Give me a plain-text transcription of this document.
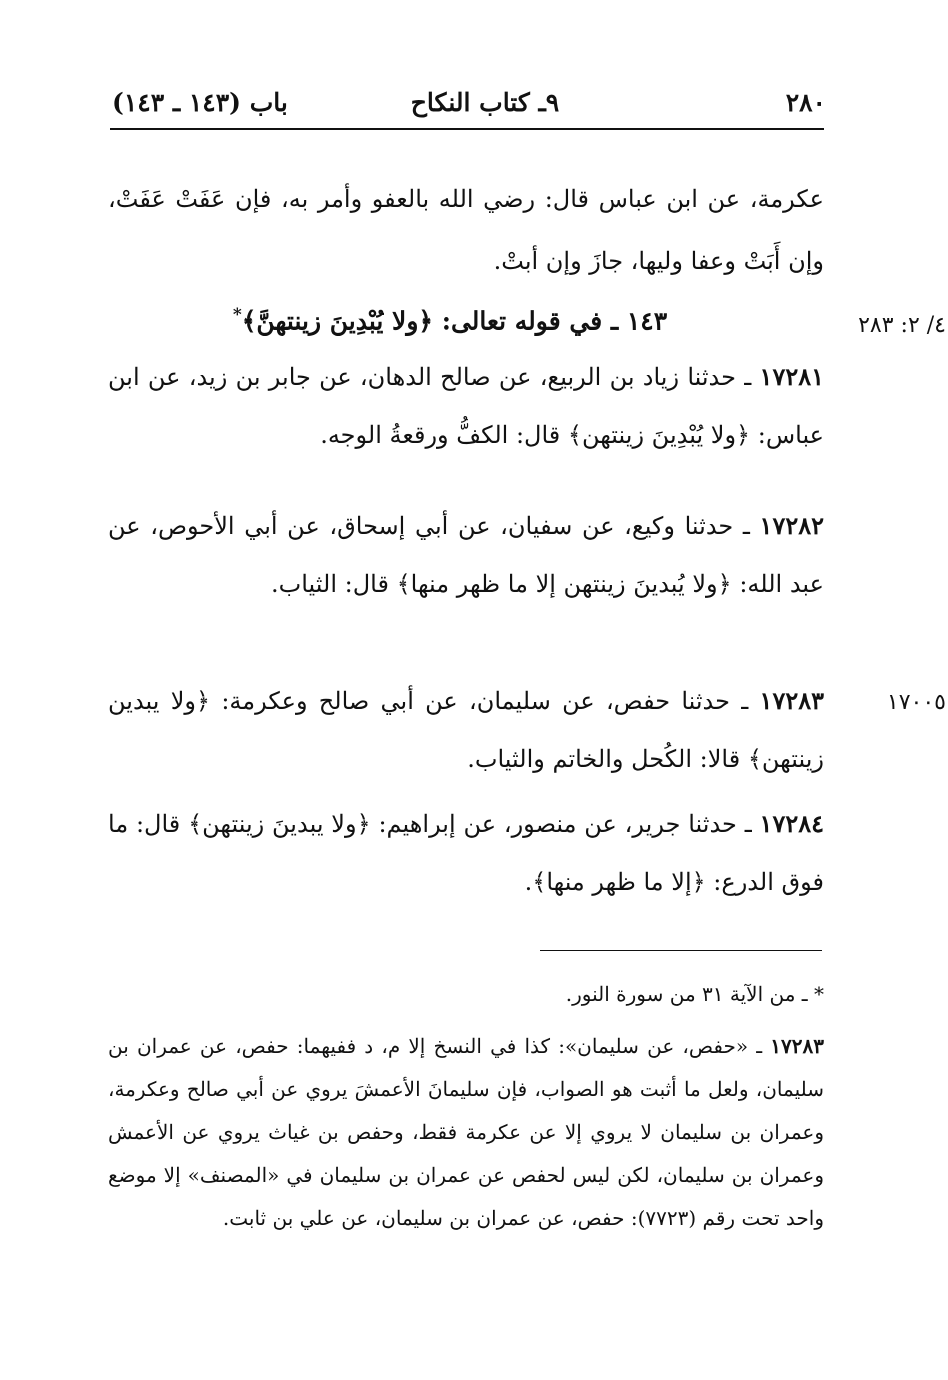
٢٨٠
٩ـ كتاب النكاح
باب (١٤٣ ـ ١٤٣)
عكرمة، عن ابن عباس قال: رضي الله بالعفو وأمر به، فإن عَفَتْ عَفَتْ، وإن أَبَتْ وعفا وليها، جازَ وإن أبتْ.
٤/ ٢: ٢٨٣
١٤٣ ـ في قوله تعالى: ﴿ولا يُبْدِينَ زينتهنَّ﴾*
١٧٢٨١ ـ حدثنا زياد بن الربيع، عن صالح الدهان، عن جابر بن زيد، عن ابن عباس: ﴿ولا يُبْدِينَ زينتهن﴾ قال: الكفُّ ورقعةُ الوجه.
١٧٢٨٢ ـ حدثنا وكيع، عن سفيان، عن أبي إسحاق، عن أبي الأحوص، عن عبد الله: ﴿ولا يُبدينَ زينتهن إلا ما ظهر منها﴾ قال: الثياب.
١٧٠٠٥
١٧٢٨٣ ـ حدثنا حفص، عن سليمان، عن أبي صالح وعكرمة: ﴿ولا يبدين زينتهن﴾ قالا: الكُحل والخاتم والثياب.
١٧٢٨٤ ـ حدثنا جرير، عن منصور، عن إبراهيم: ﴿ولا يبدينَ زينتهن﴾ قال: ما فوق الدرع: ﴿إلا ما ظهر منها﴾.
* ـ من الآية ٣١ من سورة النور.
١٧٢٨٣ ـ «حفص، عن سليمان»: كذا في النسخ إلا م، د ففيهما: حفص، عن عمران بن سليمان، ولعل ما أثبت هو الصواب، فإن سليمانَ الأعمشَ يروي عن أبي صالح وعكرمة، وعمران بن سليمان لا يروي إلا عن عكرمة فقط، وحفص بن غياث يروي عن الأعمش وعمران بن سليمان، لكن ليس لحفص عن عمران بن سليمان في «المصنف» إلا موضع واحد تحت رقم (٧٧٢٣): حفص، عن عمران بن سليمان، عن علي بن ثابت.
